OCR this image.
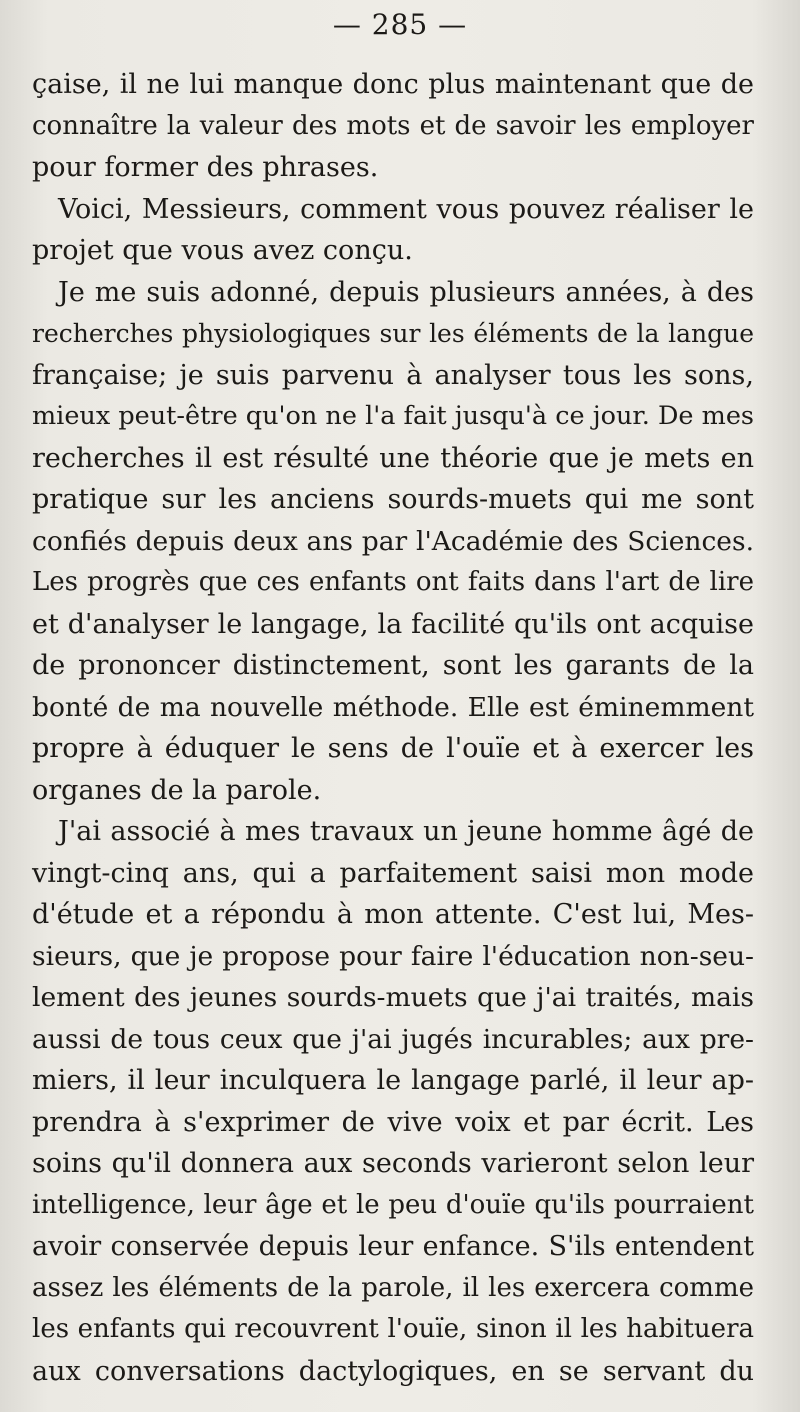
— 285 —
çaise, il ne lui manque donc plus maintenant que de
connaître la valeur des mots et de savoir les employer
pour former des phrases.
Voici, Messieurs, comment vous pouvez réaliser le
projet que vous avez conçu.
Je me suis adonné, depuis plusieurs années, à des
recherches physiologiques sur les éléments de la langue
française; je suis parvenu à analyser tous les sons,
mieux peut-être qu'on ne l'a fait jusqu'à ce jour. De mes
recherches il est résulté une théorie que je mets en
pratique sur les anciens sourds-muets qui me sont
confiés depuis deux ans par l'Académie des Sciences.
Les progrès que ces enfants ont faits dans l'art de lire
et d'analyser le langage, la facilité qu'ils ont acquise
de prononcer distinctement, sont les garants de la
bonté de ma nouvelle méthode. Elle est éminemment
propre à éduquer le sens de l'ouïe et à exercer les
organes de la parole.
J'ai associé à mes travaux un jeune homme âgé de
vingt-cinq ans, qui a parfaitement saisi mon mode
d'étude et a répondu à mon attente. C'est lui, Mes-
sieurs, que je propose pour faire l'éducation non-seu-
lement des jeunes sourds-muets que j'ai traités, mais
aussi de tous ceux que j'ai jugés incurables; aux pre-
miers, il leur inculquera le langage parlé, il leur ap-
prendra à s'exprimer de vive voix et par écrit. Les
soins qu'il donnera aux seconds varieront selon leur
intelligence, leur âge et le peu d'ouïe qu'ils pourraient
avoir conservée depuis leur enfance. S'ils entendent
assez les éléments de la parole, il les exercera comme
les enfants qui recouvrent l'ouïe, sinon il les habituera
aux conversations dactylogiques, en se servant du
